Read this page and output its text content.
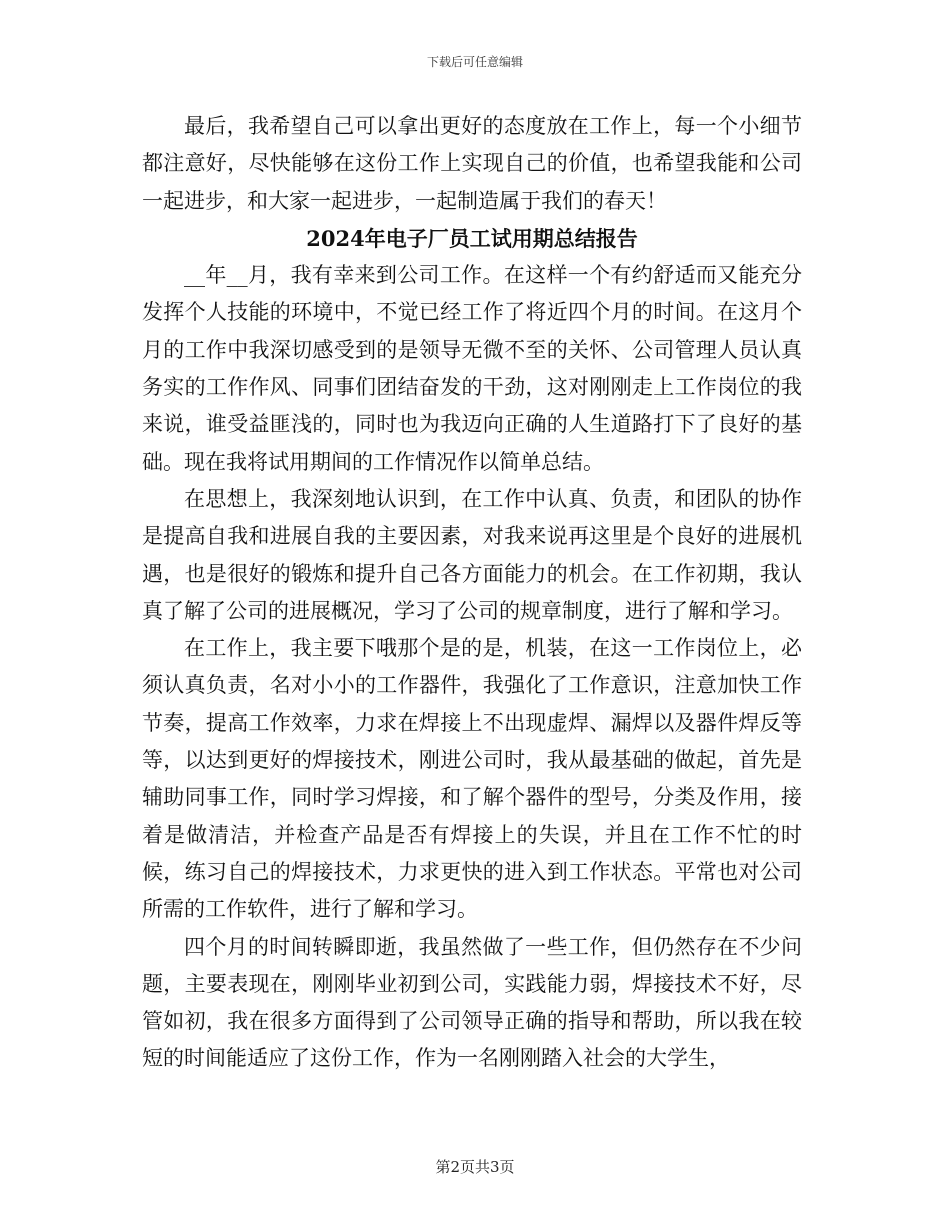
下载后可任意编辑

最后，我希望自己可以拿出更好的态度放在工作上，每一个小细节都注意好，尽快能够在这份工作上实现自己的价值，也希望我能和公司一起进步，和大家一起进步，一起制造属于我们的春天！

2024年电子厂员工试用期总结报告

__年__月，我有幸来到公司工作。在这样一个有约舒适而又能充分发挥个人技能的环境中，不觉已经工作了将近四个月的时间。在这月个月的工作中我深切感受到的是领导无微不至的关怀、公司管理人员认真务实的工作作风、同事们团结奋发的干劲，这对刚刚走上工作岗位的我来说，谁受益匪浅的，同时也为我迈向正确的人生道路打下了良好的基础。现在我将试用期间的工作情况作以简单总结。

在思想上，我深刻地认识到，在工作中认真、负责，和团队的协作是提高自我和进展自我的主要因素，对我来说再这里是个良好的进展机遇，也是很好的锻炼和提升自己各方面能力的机会。在工作初期，我认真了解了公司的进展概况，学习了公司的规章制度，进行了解和学习。

在工作上，我主要下哦那个是的是，机装，在这一工作岗位上，必须认真负责，名对小小的工作器件，我强化了工作意识，注意加快工作节奏，提高工作效率，力求在焊接上不出现虚焊、漏焊以及器件焊反等等，以达到更好的焊接技术，刚进公司时，我从最基础的做起，首先是辅助同事工作，同时学习焊接，和了解个器件的型号，分类及作用，接着是做清洁，并检查产品是否有焊接上的失误，并且在工作不忙的时候，练习自己的焊接技术，力求更快的进入到工作状态。平常也对公司所需的工作软件，进行了解和学习。

四个月的时间转瞬即逝，我虽然做了一些工作，但仍然存在不少问题，主要表现在，刚刚毕业初到公司，实践能力弱，焊接技术不好，尽管如初，我在很多方面得到了公司领导正确的指导和帮助，所以我在较短的时间能适应了这份工作，作为一名刚刚踏入社会的大学生，

第2页共3页
